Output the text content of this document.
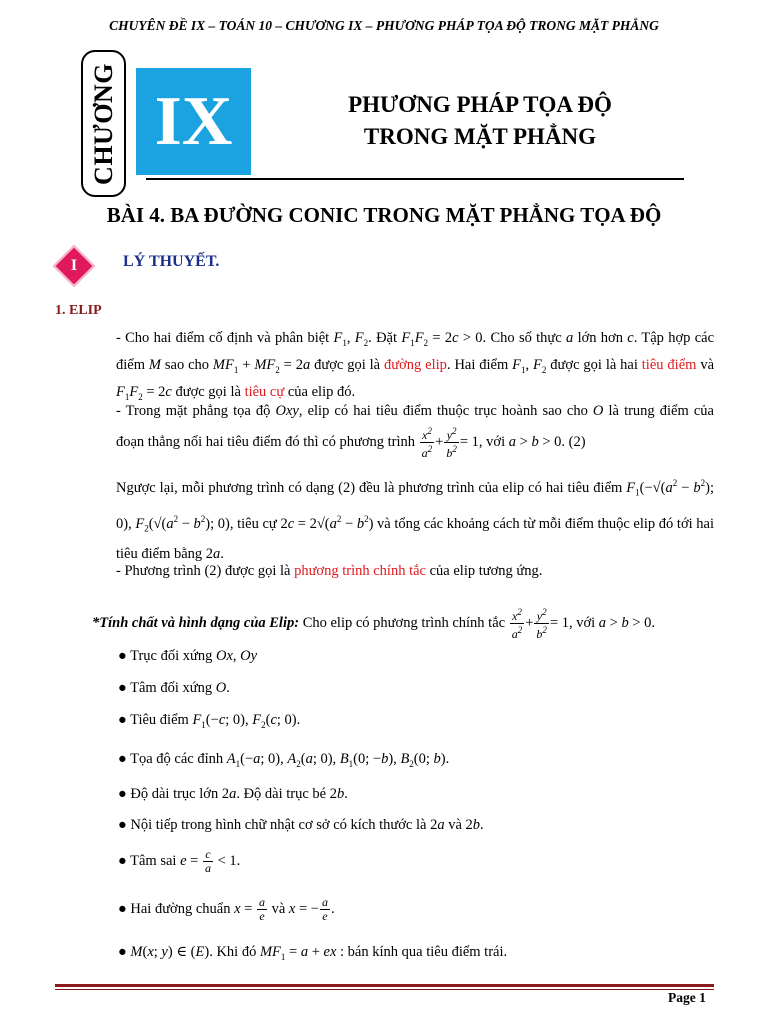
CHUYÊN ĐỀ IX – TOÁN 10 – CHƯƠNG IX – PHƯƠNG PHÁP TỌA ĐỘ TRONG MẶT PHẲNG
CHƯƠNG IX	PHƯƠNG PHÁP TỌA ĐỘ
TRONG MẶT PHẲNG
BÀI 4. BA ĐƯỜNG CONIC TRONG MẶT PHẲNG TỌA ĐỘ
I	LÝ THUYẾT.
1. ELIP
- Cho hai điểm cố định và phân biệt $F_1$, $F_2$. Đặt $F_1F_2 = 2c > 0$. Cho số thực a lớn hơn c. Tập hợp các điểm M sao cho $MF_1 + MF_2 = 2a$ được gọi là đường elip. Hai điểm $F_1$, $F_2$ được gọi là hai tiêu điểm và $F_1F_2 = 2c$ được gọi là tiêu cự của elip đó.
- Trong mặt phẳng tọa độ Oxy, elip có hai tiêu điểm thuộc trục hoành sao cho O là trung điểm của đoạn thẳng nối hai tiêu điểm đó thì có phương trình $\frac{x^2}{a^2} + \frac{y^2}{b^2} = 1$, với a > b > 0. (2)
Ngược lại, mỗi phương trình có dạng (2) đều là phương trình của elip có hai tiêu điểm $F_1(-√(a^2 - b^2)$; 0), $F_2(√(a^2 - b^2)$; 0), tiêu cự $2c = 2√(a^2 - b^2)$ và tổng các khoảng cách từ mỗi điểm thuộc elip đó tới hai tiêu điểm bằng 2a.
- Phương trình (2) được gọi là phương trình chính tắc của elip tương ứng.
*Tính chất và hình dạng của Elip: Cho elip có phương trình chính tắc $\frac{x^2}{a^2} + \frac{y^2}{b^2} = 1$, với a > b > 0.
● Trục đối xứng Ox, Oy
● Tâm đối xứng O.
● Tiêu điểm $F_1(-c$; 0), $F_2(c$; 0).
● Tọa độ các đỉnh $A_1(-a$; 0), $A_2(a$; 0), $B_1(0$; −b), $B_2(0$; b).
● Độ dài trục lớn 2a. Độ dài trục bé 2b.
● Nội tiếp trong hình chữ nhật cơ sở có kích thước là 2a và 2b.
● Tâm sai $e = \frac{c}{a} < 1$.
● Hai đường chuẩn $x = \frac{a}{e}$ và x = − $\frac{a}{e}$ .
● M(x; y) ∈ (E). Khi đó $MF_1 = a$ + ex : bán kính qua tiêu điểm trái.
Page 1
